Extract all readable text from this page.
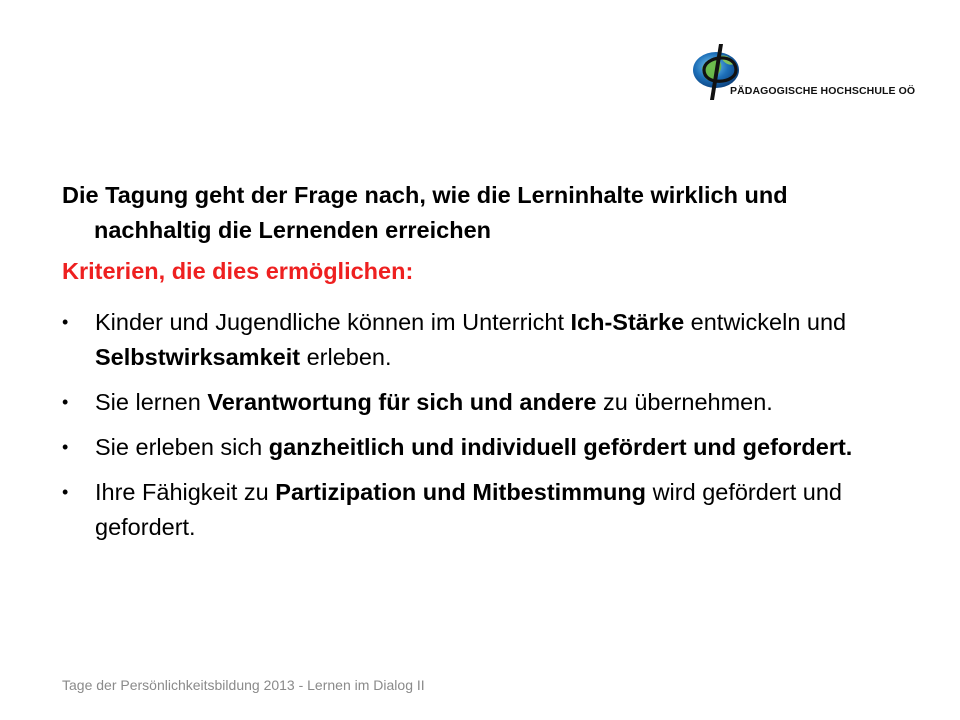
PÄDAGOGISCHE HOCHSCHULE OÖ
Die Tagung geht der Frage nach, wie die Lerninhalte wirklich und nachhaltig die Lernenden erreichen
Kriterien, die dies ermöglichen:
• Kinder und Jugendliche können im Unterricht Ich-Stärke entwickeln und Selbstwirksamkeit erleben.
• Sie lernen Verantwortung für sich und andere zu übernehmen.
• Sie erleben sich ganzheitlich und individuell gefördert und gefordert.
• Ihre Fähigkeit zu Partizipation und Mitbestimmung wird gefördert und gefordert.
Tage der Persönlichkeitsbildung 2013 - Lernen im Dialog II
